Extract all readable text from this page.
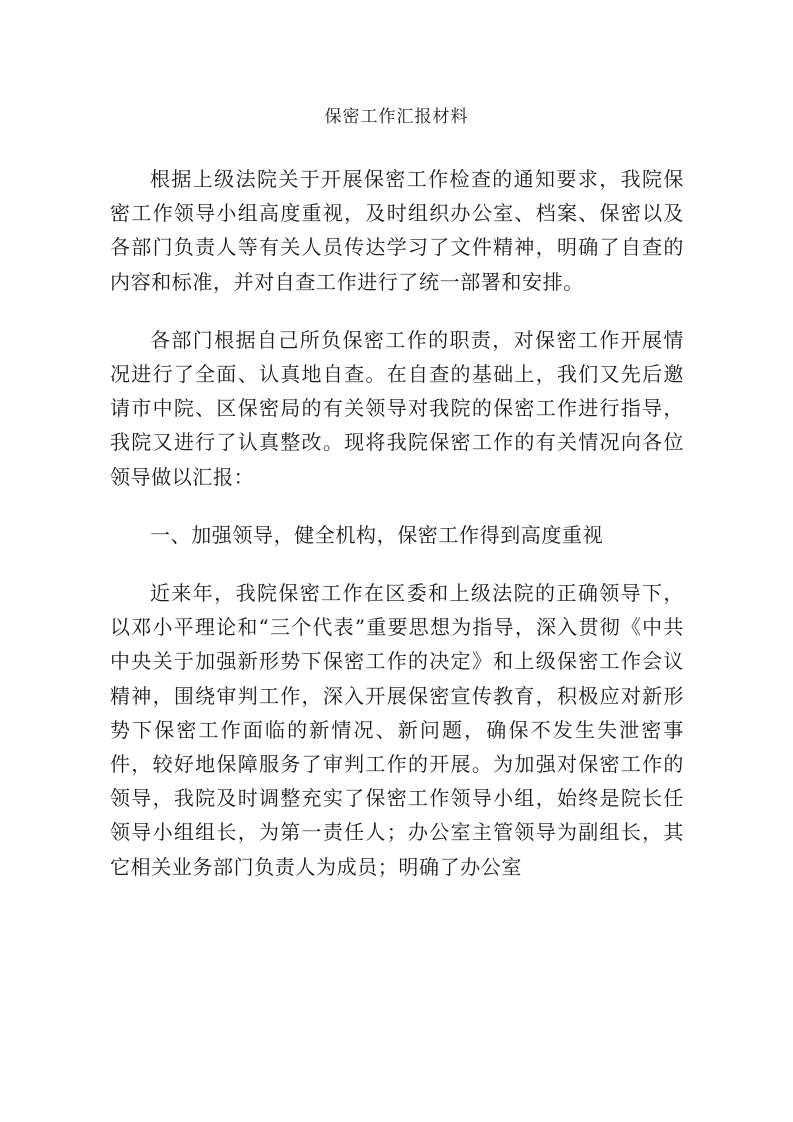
保密工作汇报材料

根据上级法院关于开展保密工作检查的通知要求，我院保密工作领导小组高度重视，及时组织办公室、档案、保密以及各部门负责人等有关人员传达学习了文件精神，明确了自查的内容和标准，并对自查工作进行了统一部署和安排。

各部门根据自己所负保密工作的职责，对保密工作开展情况进行了全面、认真地自查。在自查的基础上，我们又先后邀请市中院、区保密局的有关领导对我院的保密工作进行指导，我院又进行了认真整改。现将我院保密工作的有关情况向各位领导做以汇报：

一、加强领导，健全机构，保密工作得到高度重视

近来年，我院保密工作在区委和上级法院的正确领导下，以邓小平理论和“三个代表”重要思想为指导，深入贯彻《中共中央关于加强新形势下保密工作的决定》和上级保密工作会议精神，围绕审判工作，深入开展保密宣传教育，积极应对新形势下保密工作面临的新情况、新问题，确保不发生失泄密事件，较好地保障服务了审判工作的开展。为加强对保密工作的领导，我院及时调整充实了保密工作领导小组，始终是院长任领导小组组长，为第一责任人；办公室主管领导为副组长，其它相关业务部门负责人为成员；明确了办公室
